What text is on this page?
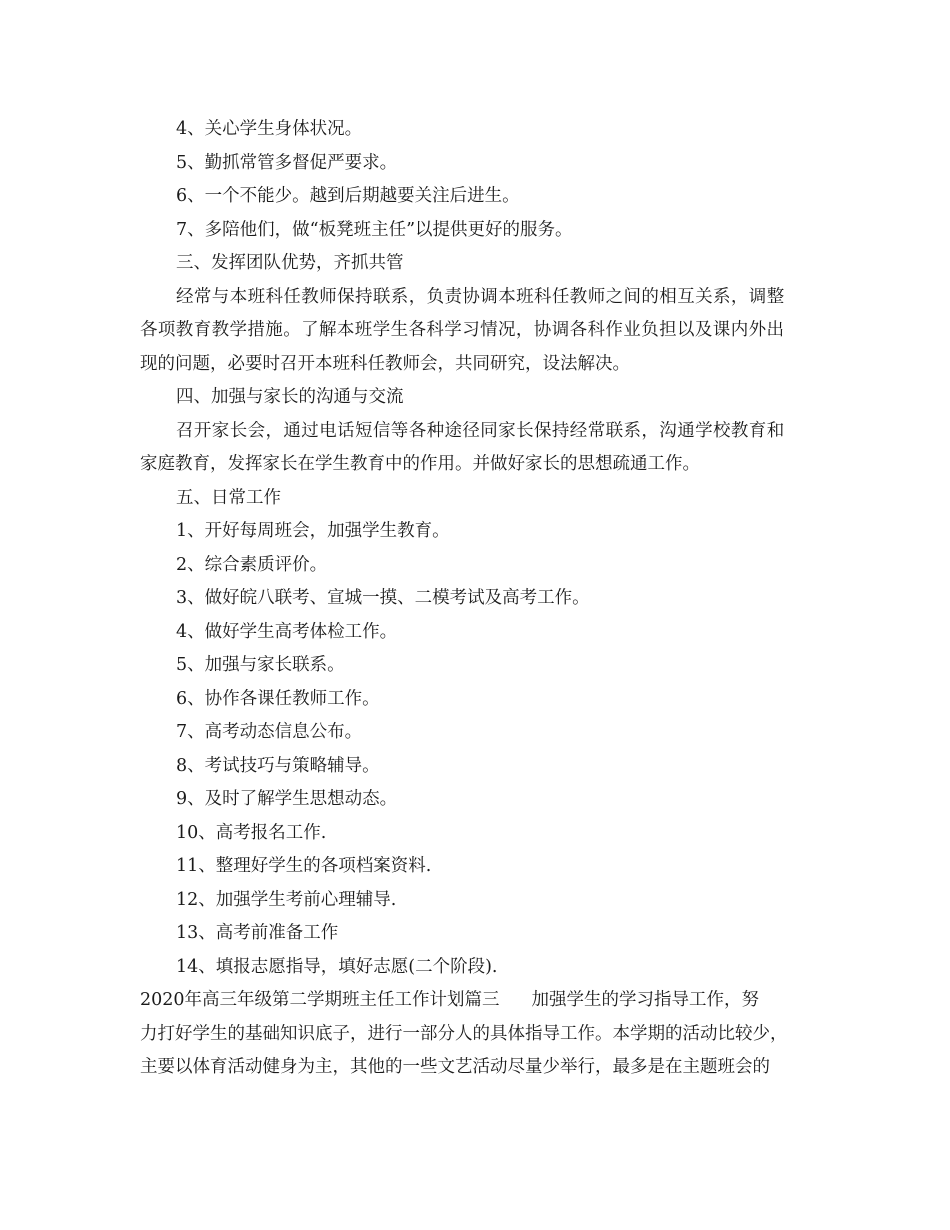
4、关心学生身体状况。
5、勤抓常管多督促严要求。
6、一个不能少。越到后期越要关注后进生。
7、多陪他们，做“板凳班主任”以提供更好的服务。
三、发挥团队优势，齐抓共管
经常与本班科任教师保持联系，负责协调本班科任教师之间的相互关系，调整
各项教育教学措施。了解本班学生各科学习情况，协调各科作业负担以及课内外出
现的问题，必要时召开本班科任教师会，共同研究，设法解决。
四、加强与家长的沟通与交流
召开家长会，通过电话短信等各种途径同家长保持经常联系，沟通学校教育和
家庭教育，发挥家长在学生教育中的作用。并做好家长的思想疏通工作。
五、日常工作
1、开好每周班会，加强学生教育。
2、综合素质评价。
3、做好皖八联考、宣城一摸、二模考试及高考工作。
4、做好学生高考体检工作。
5、加强与家长联系。
6、协作各课任教师工作。
7、高考动态信息公布。
8、考试技巧与策略辅导。
9、及时了解学生思想动态。
10、高考报名工作.
11、整理好学生的各项档案资料.
12、加强学生考前心理辅导.
13、高考前准备工作
14、填报志愿指导，填好志愿(二个阶段).
2020年高三年级第二学期班主任工作计划篇三 加强学生的学习指导工作，努
力打好学生的基础知识底子，进行一部分人的具体指导工作。本学期的活动比较少，
主要以体育活动健身为主，其他的一些文艺活动尽量少举行，最多是在主题班会的
